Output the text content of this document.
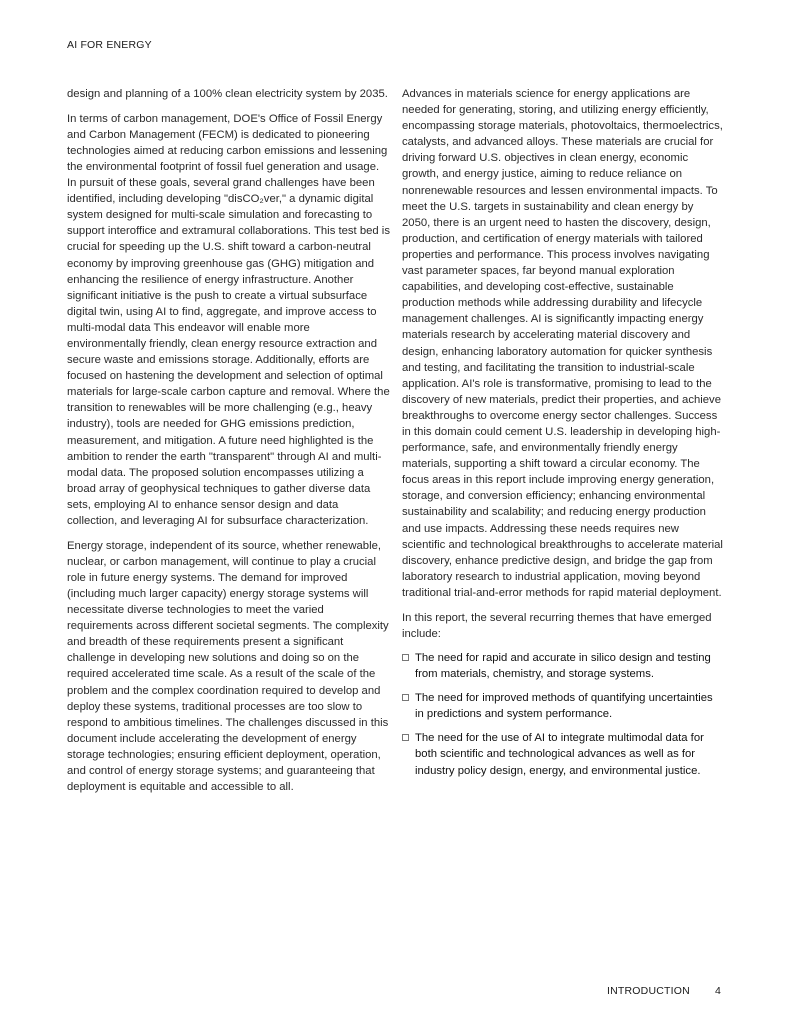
AI FOR ENERGY

design and planning of a 100% clean electricity system by 2035.

In terms of carbon management, DOE's Office of Fossil Energy and Carbon Management (FECM) is dedicated to pioneering technologies aimed at reducing carbon emissions and lessening the environmental footprint of fossil fuel generation and usage. In pursuit of these goals, several grand challenges have been identified, including developing "disCO₂ver," a dynamic digital system designed for multi-scale simulation and forecasting to support interoffice and extramural collaborations. This test bed is crucial for speeding up the U.S. shift toward a carbon-neutral economy by improving greenhouse gas (GHG) mitigation and enhancing the resilience of energy infrastructure. Another significant initiative is the push to create a virtual subsurface digital twin, using AI to find, aggregate, and improve access to multi-modal data This endeavor will enable more environmentally friendly, clean energy resource extraction and secure waste and emissions storage. Additionally, efforts are focused on hastening the development and selection of optimal materials for large-scale carbon capture and removal. Where the transition to renewables will be more challenging (e.g., heavy industry), tools are needed for GHG emissions prediction, measurement, and mitigation. A future need highlighted is the ambition to render the earth "transparent" through AI and multi-modal data. The proposed solution encompasses utilizing a broad array of geophysical techniques to gather diverse data sets, employing AI to enhance sensor design and data collection, and leveraging AI for subsurface characterization.

Energy storage, independent of its source, whether renewable, nuclear, or carbon management, will continue to play a crucial role in future energy systems. The demand for improved (including much larger capacity) energy storage systems will necessitate diverse technologies to meet the varied requirements across different societal segments. The complexity and breadth of these requirements present a significant challenge in developing new solutions and doing so on the required accelerated time scale. As a result of the scale of the problem and the complex coordination required to develop and deploy these systems, traditional processes are too slow to respond to ambitious timelines. The challenges discussed in this document include accelerating the development of energy storage technologies; ensuring efficient deployment, operation, and control of energy storage systems; and guaranteeing that deployment is equitable and accessible to all.

Advances in materials science for energy applications are needed for generating, storing, and utilizing energy efficiently, encompassing storage materials, photovoltaics, thermoelectrics, catalysts, and advanced alloys. These materials are crucial for driving forward U.S. objectives in clean energy, economic growth, and energy justice, aiming to reduce reliance on nonrenewable resources and lessen environmental impacts. To meet the U.S. targets in sustainability and clean energy by 2050, there is an urgent need to hasten the discovery, design, production, and certification of energy materials with tailored properties and performance. This process involves navigating vast parameter spaces, far beyond manual exploration capabilities, and developing cost-effective, sustainable production methods while addressing durability and lifecycle management challenges. AI is significantly impacting energy materials research by accelerating material discovery and design, enhancing laboratory automation for quicker synthesis and testing, and facilitating the transition to industrial-scale application. AI's role is transformative, promising to lead to the discovery of new materials, predict their properties, and achieve breakthroughs to overcome energy sector challenges. Success in this domain could cement U.S. leadership in developing high-performance, safe, and environmentally friendly energy materials, supporting a shift toward a circular economy. The focus areas in this report include improving energy generation, storage, and conversion efficiency; enhancing environmental sustainability and scalability; and reducing energy production and use impacts. Addressing these needs requires new scientific and technological breakthroughs to accelerate material discovery, enhance predictive design, and bridge the gap from laboratory research to industrial application, moving beyond traditional trial-and-error methods for rapid material deployment.

In this report, the several recurring themes that have emerged include:

The need for rapid and accurate in silico design and testing from materials, chemistry, and storage systems.
The need for improved methods of quantifying uncertainties in predictions and system performance.
The need for the use of AI to integrate multimodal data for both scientific and technological advances as well as for industry policy design, energy, and environmental justice.
INTRODUCTION 4
